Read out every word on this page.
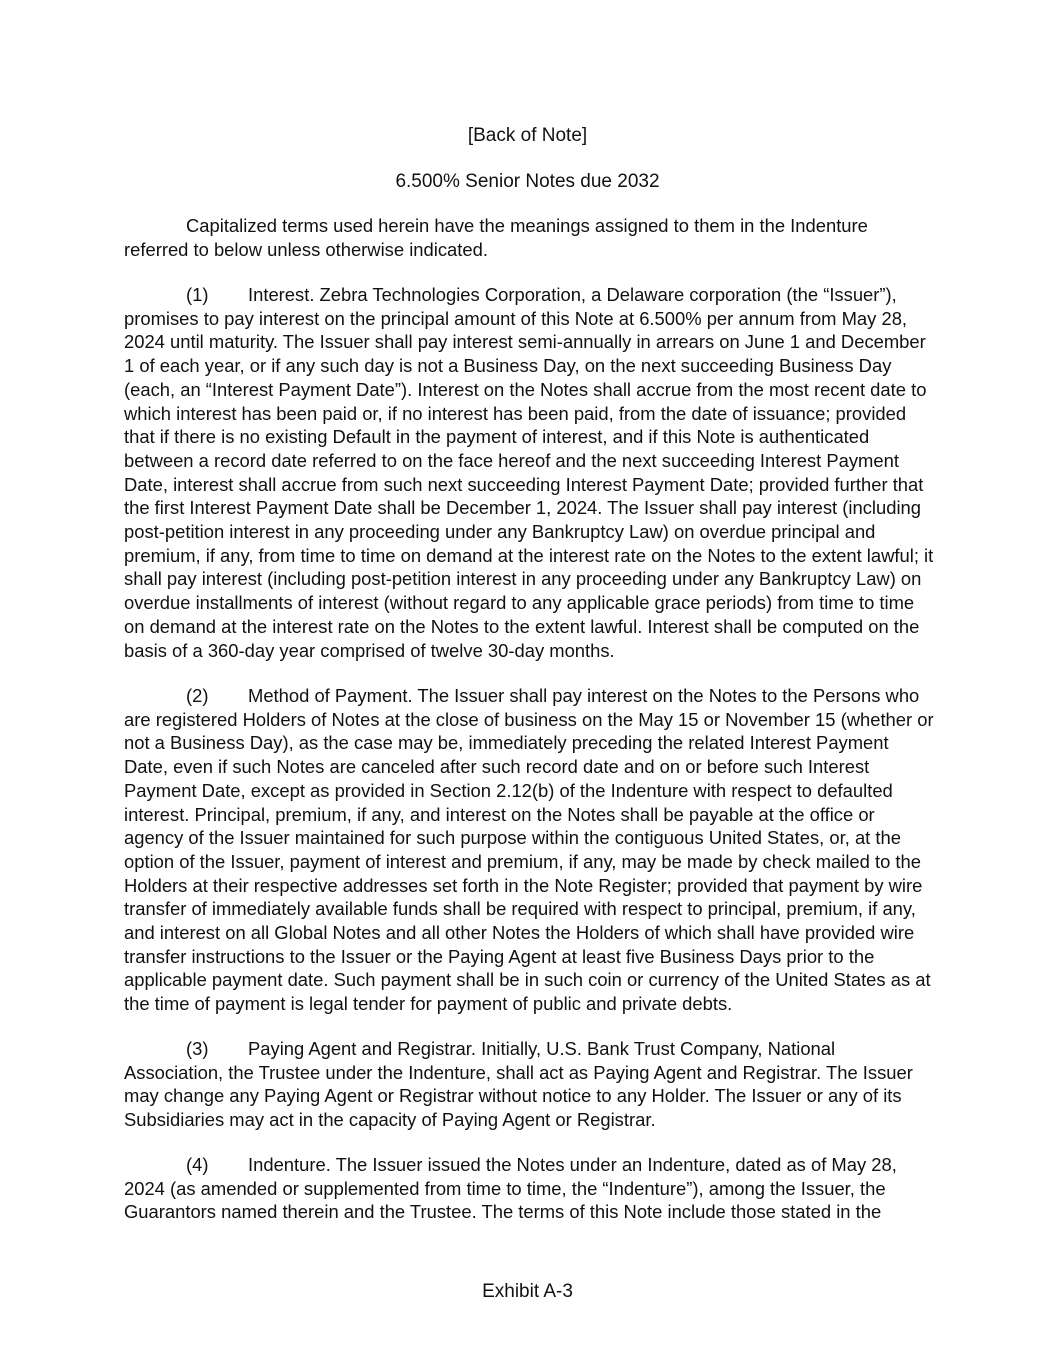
[Back of Note]

6.500% Senior Notes due 2032

Capitalized terms used herein have the meanings assigned to them in the Indenture referred to below unless otherwise indicated.

(1) Interest. Zebra Technologies Corporation, a Delaware corporation (the “Issuer”), promises to pay interest on the principal amount of this Note at 6.500% per annum from May 28, 2024 until maturity. The Issuer shall pay interest semi-annually in arrears on June 1 and December 1 of each year, or if any such day is not a Business Day, on the next succeeding Business Day (each, an “Interest Payment Date”). Interest on the Notes shall accrue from the most recent date to which interest has been paid or, if no interest has been paid, from the date of issuance; provided that if there is no existing Default in the payment of interest, and if this Note is authenticated between a record date referred to on the face hereof and the next succeeding Interest Payment Date, interest shall accrue from such next succeeding Interest Payment Date; provided further that the first Interest Payment Date shall be December 1, 2024. The Issuer shall pay interest (including post-petition interest in any proceeding under any Bankruptcy Law) on overdue principal and premium, if any, from time to time on demand at the interest rate on the Notes to the extent lawful; it shall pay interest (including post-petition interest in any proceeding under any Bankruptcy Law) on overdue installments of interest (without regard to any applicable grace periods) from time to time on demand at the interest rate on the Notes to the extent lawful. Interest shall be computed on the basis of a 360-day year comprised of twelve 30-day months.

(2) Method of Payment. The Issuer shall pay interest on the Notes to the Persons who are registered Holders of Notes at the close of business on the May 15 or November 15 (whether or not a Business Day), as the case may be, immediately preceding the related Interest Payment Date, even if such Notes are canceled after such record date and on or before such Interest Payment Date, except as provided in Section 2.12(b) of the Indenture with respect to defaulted interest. Principal, premium, if any, and interest on the Notes shall be payable at the office or agency of the Issuer maintained for such purpose within the contiguous United States, or, at the option of the Issuer, payment of interest and premium, if any, may be made by check mailed to the Holders at their respective addresses set forth in the Note Register; provided that payment by wire transfer of immediately available funds shall be required with respect to principal, premium, if any, and interest on all Global Notes and all other Notes the Holders of which shall have provided wire transfer instructions to the Issuer or the Paying Agent at least five Business Days prior to the applicable payment date. Such payment shall be in such coin or currency of the United States as at the time of payment is legal tender for payment of public and private debts.

(3) Paying Agent and Registrar. Initially, U.S. Bank Trust Company, National Association, the Trustee under the Indenture, shall act as Paying Agent and Registrar. The Issuer may change any Paying Agent or Registrar without notice to any Holder. The Issuer or any of its Subsidiaries may act in the capacity of Paying Agent or Registrar.

(4) Indenture. The Issuer issued the Notes under an Indenture, dated as of May 28, 2024 (as amended or supplemented from time to time, the “Indenture”), among the Issuer, the Guarantors named therein and the Trustee. The terms of this Note include those stated in the

Exhibit A-3
